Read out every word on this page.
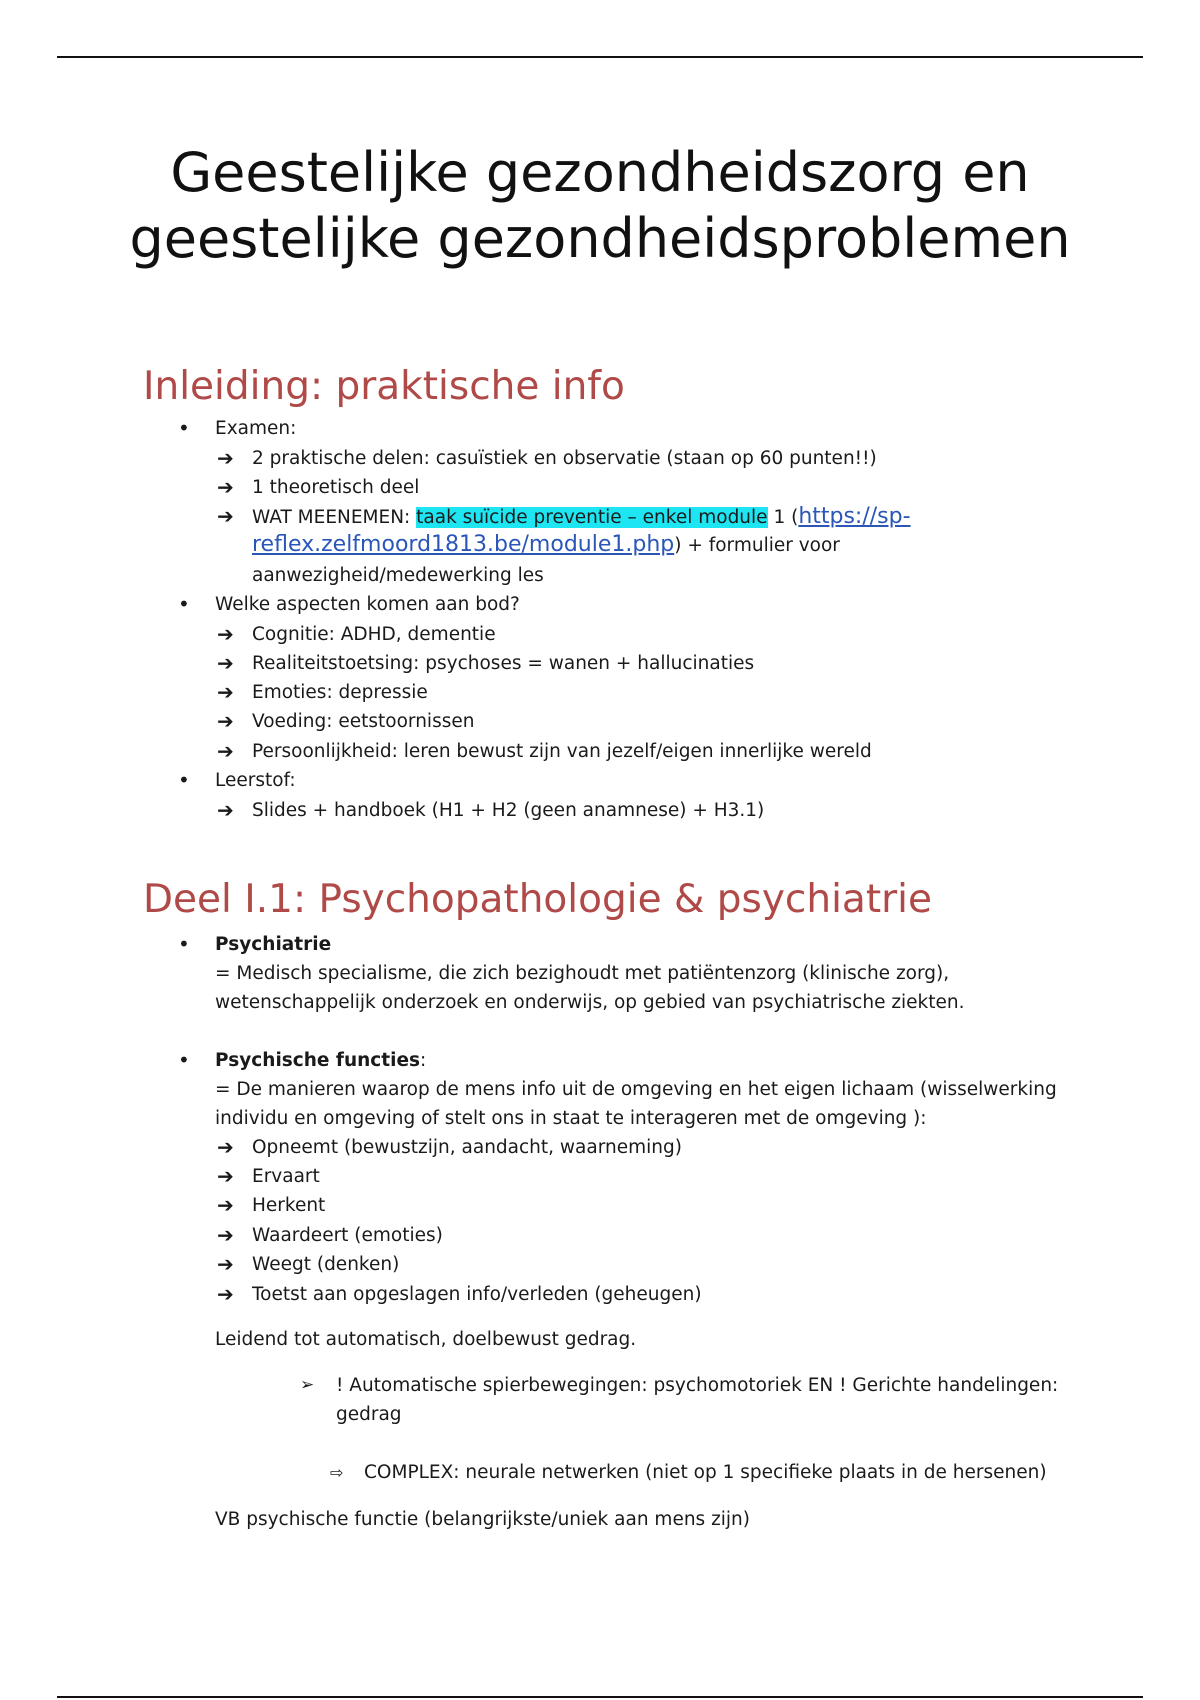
Geestelijke gezondheidszorg en geestelijke gezondheidsproblemen
Inleiding: praktische info
• Examen:
➔ 2 praktische delen: casuïstiek en observatie (staan op 60 punten!!)
➔ 1 theoretisch deel
➔ WAT MEENEMEN: taak suïcide preventie – enkel module 1 (https://sp-
reflex.zelfmoord1813.be/module1.php) + formulier voor
aanwezigheid/medewerking les
• Welke aspecten komen aan bod?
➔ Cognitie: ADHD, dementie
➔ Realiteitstoetsing: psychoses = wanen + hallucinaties
➔ Emoties: depressie
➔ Voeding: eetstoornissen
➔ Persoonlijkheid: leren bewust zijn van jezelf/eigen innerlijke wereld
• Leerstof:
➔ Slides + handboek (H1 + H2 (geen anamnese) + H3.1)
Deel I.1: Psychopathologie & psychiatrie
• Psychiatrie
= Medisch specialisme, die zich bezighoudt met patiëntenzorg (klinische zorg),
wetenschappelijk onderzoek en onderwijs, op gebied van psychiatrische ziekten.
• Psychische functies:
= De manieren waarop de mens info uit de omgeving en het eigen lichaam (wisselwerking
individu en omgeving of stelt ons in staat te interageren met de omgeving ):
➔ Opneemt (bewustzijn, aandacht, waarneming)
➔ Ervaart
➔ Herkent
➔ Waardeert (emoties)
➔ Weegt (denken)
➔ Toetst aan opgeslagen info/verleden (geheugen)
Leidend tot automatisch, doelbewust gedrag.
➢ ! Automatische spierbewegingen: psychomotoriek EN ! Gerichte handelingen:
gedrag
⇨ COMPLEX: neurale netwerken (niet op 1 specifieke plaats in de hersenen)
VB psychische functie (belangrijkste/uniek aan mens zijn)
